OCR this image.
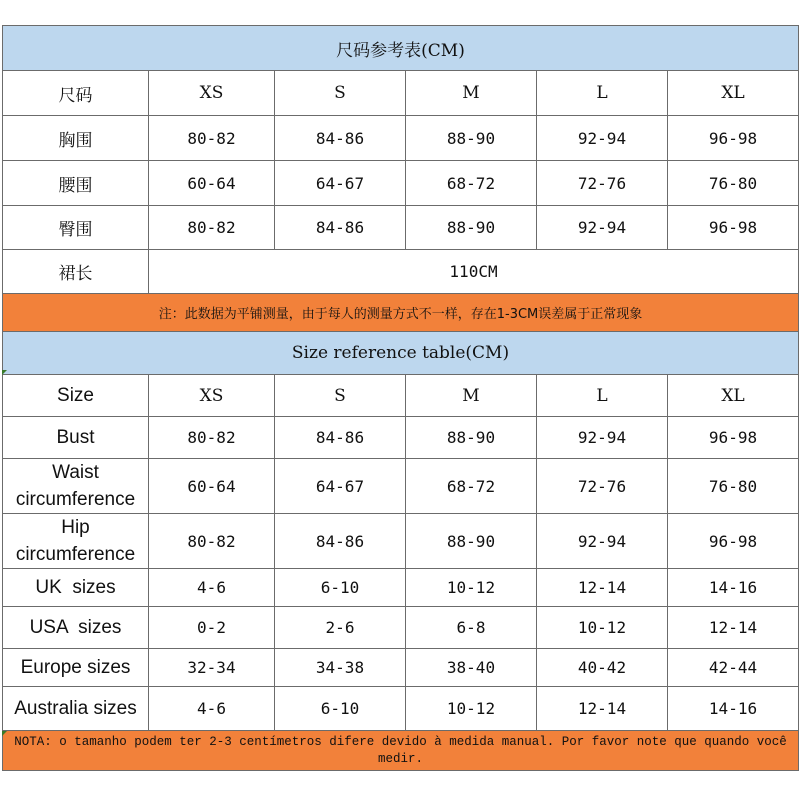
尺码参考表(CM)					
尺码	XS	S	M	L	XL
胸围	80-82	84-86	88-90	92-94	96-98
腰围	60-64	64-67	68-72	72-76	76-80
臀围	80-82	84-86	88-90	92-94	96-98
裙长	110CM				
注：此数据为平铺测量，由于每人的测量方式不一样，存在1-3CM误差属于正常现象					
Size reference table(CM)					
Size	XS	S	M	L	XL
Bust	80-82	84-86	88-90	92-94	96-98
Waist circumference	60-64	64-67	68-72	72-76	76-80
Hip circumference	80-82	84-86	88-90	92-94	96-98
UK  sizes	4-6	6-10	10-12	12-14	14-16
USA  sizes	0-2	2-6	6-8	10-12	12-14
Europe sizes	32-34	34-38	38-40	40-42	42-44
Australia sizes	4-6	6-10	10-12	12-14	14-16
NOTA: o tamanho podem ter 2-3 centímetros difere devido à medida manual. Por favor note que quando você medir.					
